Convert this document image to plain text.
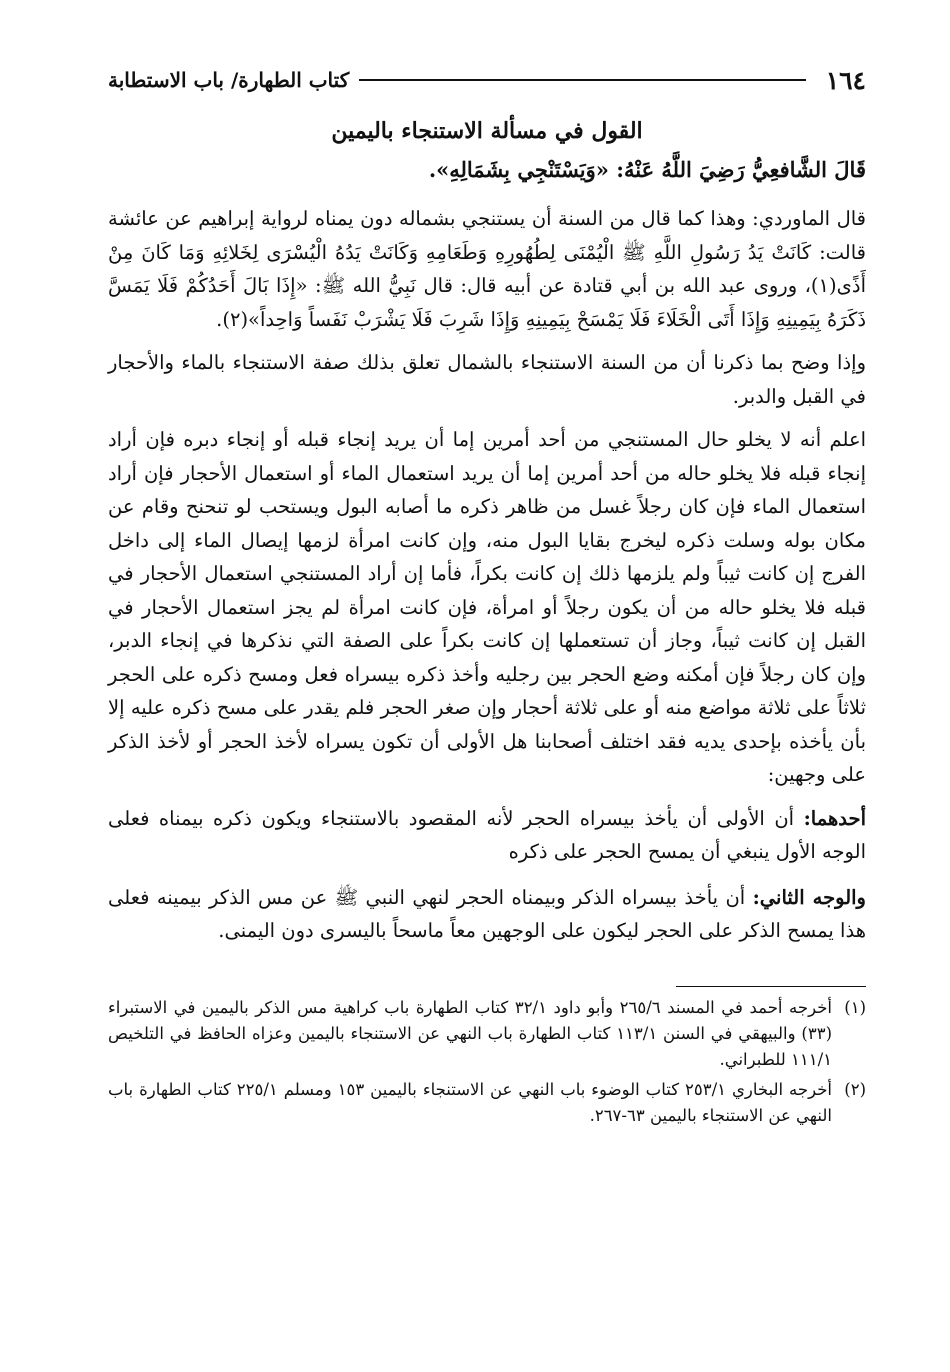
١٦٤
كتاب الطهارة/ باب الاستطابة
القول في مسألة الاستنجاء باليمين
قَالَ الشَّافعِيُّ رَضِيَ اللَّهُ عَنْهُ: «وَيَسْتَنْجِي بِشَمَالِهِ».

قال الماوردي: وهذا كما قال من السنة أن يستنجي بشماله دون يمناه لرواية إبراهيم عن عائشة قالت: كَانَتْ يَدُ رَسُولِ اللَّهِ ﷺ الْيُمْنَى لِطُهُورِهِ وَطَعَامِهِ وَكَانَتْ يَدُهُ الْيُسْرَى لِخَلائِهِ وَمَا كَانَ مِنْ أَذًى(١)، وروى عبد الله بن أبي قتادة عن أبيه قال: قال نَبِيُّ الله ﷺ: «إِذَا بَالَ أَحَدُكُمْ فَلَا يَمَسَّ ذَكَرَهُ بِيَمِينِهِ وَإِذَا أَتَى الْخَلَاءَ فَلَا يَمْسَحْ بِيَمِينِهِ وَإِذَا شَرِبَ فَلَا يَشْرَبْ نَفَساً وَاحِداً»(٢).

وإذا وضح بما ذكرنا أن من السنة الاستنجاء بالشمال تعلق بذلك صفة الاستنجاء بالماء والأحجار في القبل والدبر.

اعلم أنه لا يخلو حال المستنجي من أحد أمرين إما أن يريد إنجاء قبله أو إنجاء دبره فإن أراد إنجاء قبله فلا يخلو حاله من أحد أمرين إما أن يريد استعمال الماء أو استعمال الأحجار فإن أراد استعمال الماء فإن كان رجلاً غسل من ظاهر ذكره ما أصابه البول ويستحب لو تنحنح وقام عن مكان بوله وسلت ذكره ليخرج بقايا البول منه، وإن كانت امرأة لزمها إيصال الماء إلى داخل الفرج إن كانت ثيباً ولم يلزمها ذلك إن كانت بكراً، فأما إن أراد المستنجي استعمال الأحجار في قبله فلا يخلو حاله من أن يكون رجلاً أو امرأة، فإن كانت امرأة لم يجز استعمال الأحجار في القبل إن كانت ثيباً، وجاز أن تستعملها إن كانت بكراً على الصفة التي نذكرها في إنجاء الدبر، وإن كان رجلاً فإن أمكنه وضع الحجر بين رجليه وأخذ ذكره بيسراه فعل ومسح ذكره على الحجر ثلاثاً على ثلاثة مواضع منه أو على ثلاثة أحجار وإن صغر الحجر فلم يقدر على مسح ذكره عليه إلا بأن يأخذه بإحدى يديه فقد اختلف أصحابنا هل الأولى أن تكون يسراه لأخذ الحجر أو لأخذ الذكر على وجهين:

أحدهما: أن الأولى أن يأخذ بيسراه الحجر لأنه المقصود بالاستنجاء ويكون ذكره بيمناه فعلى الوجه الأول ينبغي أن يمسح الحجر على ذكره

والوجه الثاني: أن يأخذ بيسراه الذكر وبيمناه الحجر لنهي النبي ﷺ عن مس الذكر بيمينه فعلى هذا يمسح الذكر على الحجر ليكون على الوجهين معاً ماسحاً باليسرى دون اليمنى.

(١)
أخرجه أحمد في المسند ٢٦٥/٦ وأبو داود ٣٢/١ كتاب الطهارة باب كراهية مس الذكر باليمين في الاستبراء (٣٣) والبيهقي في السنن ١١٣/١ كتاب الطهارة باب النهي عن الاستنجاء باليمين وعزاه الحافظ في التلخيص ١١١/١ للطبراني.
(٢)
أخرجه البخاري ٢٥٣/١ كتاب الوضوء باب النهي عن الاستنجاء باليمين ١٥٣ ومسلم ٢٢٥/١ كتاب الطهارة باب النهي عن الاستنجاء باليمين ٦٣-٢٦٧.
